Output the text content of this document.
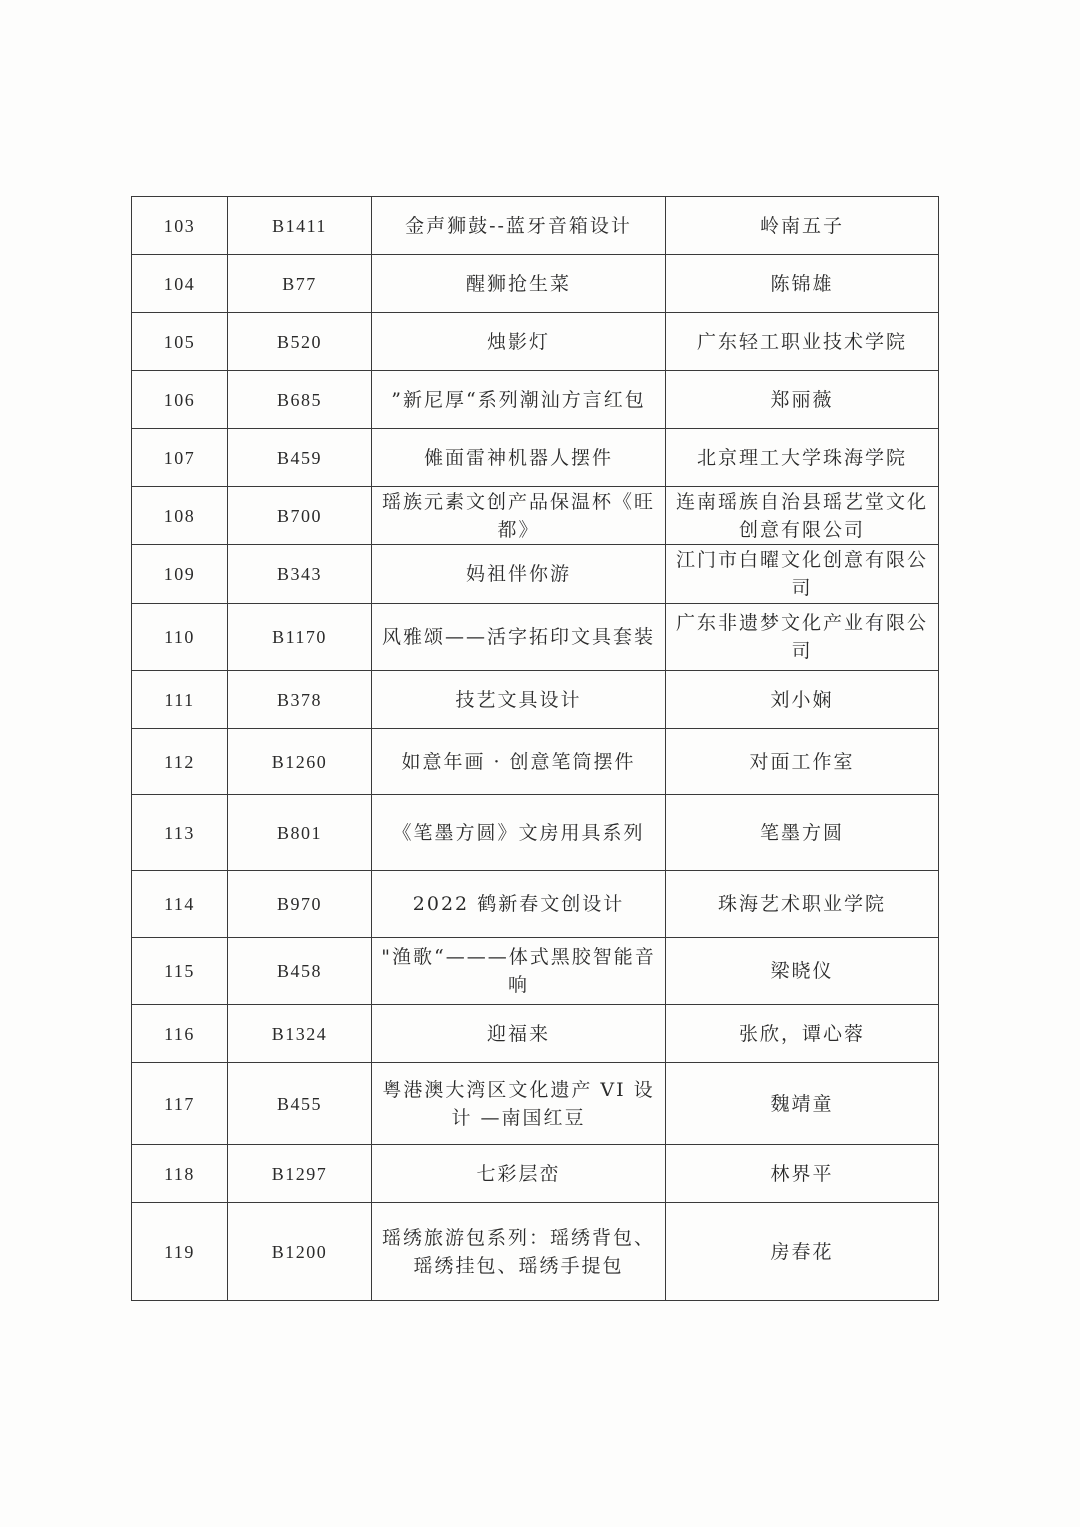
103	B1411	金声狮鼓--蓝牙音箱设计	岭南五子
104	B77	醒狮抢生菜	陈锦雄
105	B520	烛影灯	广东轻工职业技术学院
106	B685	”新尼厚“系列潮汕方言红包	郑丽薇
107	B459	傩面雷神机器人摆件	北京理工大学珠海学院
108	B700	瑶族元素文创产品保温杯《旺都》	连南瑶族自治县瑶艺堂文化创意有限公司
109	B343	妈祖伴你游	江门市白曜文化创意有限公司
110	B1170	风雅颂——活字拓印文具套装	广东非遗梦文化产业有限公司
111	B378	技艺文具设计	刘小娴
112	B1260	如意年画 · 创意笔筒摆件	对面工作室
113	B801	《笔墨方圆》文房用具系列	笔墨方圆
114	B970	2022 鹤新春文创设计	珠海艺术职业学院
115	B458	"渔歌“———体式黑胶智能音响	梁晓仪
116	B1324	迎福来	张欣，谭心蓉
117	B455	粤港澳大湾区文化遗产 VI 设计 —南国红豆	魏靖童
118	B1297	七彩层峦	林界平
119	B1200	瑶绣旅游包系列：瑶绣背包、瑶绣挂包、瑶绣手提包	房春花
